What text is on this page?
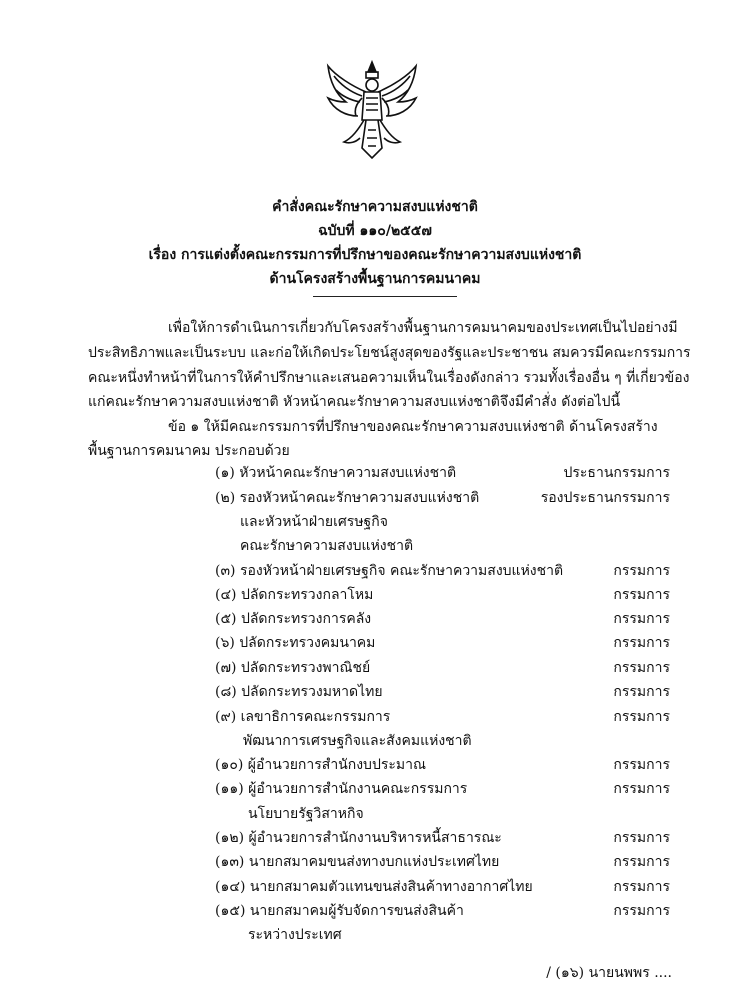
คำสั่งคณะรักษาความสงบแห่งชาติ
ฉบับที่ ๑๑๐/๒๕๕๗
เรื่อง การแต่งตั้งคณะกรรมการที่ปรึกษาของคณะรักษาความสงบแห่งชาติ
ด้านโครงสร้างพื้นฐานการคมนาคม
เพื่อให้การดำเนินการเกี่ยวกับโครงสร้างพื้นฐานการคมนาคมของประเทศเป็นไปอย่างมี
ประสิทธิภาพและเป็นระบบ และก่อให้เกิดประโยชน์สูงสุดของรัฐและประชาชน สมควรมีคณะกรรมการ
คณะหนึ่งทำหน้าที่ในการให้คำปรึกษาและเสนอความเห็นในเรื่องดังกล่าว รวมทั้งเรื่องอื่น ๆ ที่เกี่ยวข้อง
แก่คณะรักษาความสงบแห่งชาติ หัวหน้าคณะรักษาความสงบแห่งชาติจึงมีคำสั่ง ดังต่อไปนี้
ข้อ ๑ ให้มีคณะกรรมการที่ปรึกษาของคณะรักษาความสงบแห่งชาติ ด้านโครงสร้าง
พื้นฐานการคมนาคม ประกอบด้วย
(๑) หัวหน้าคณะรักษาความสงบแห่งชาติ	ประธานกรรมการ
(๒) รองหัวหน้าคณะรักษาความสงบแห่งชาติ	รองประธานกรรมการ
และหัวหน้าฝ่ายเศรษฐกิจ
คณะรักษาความสงบแห่งชาติ
(๓) รองหัวหน้าฝ่ายเศรษฐกิจ คณะรักษาความสงบแห่งชาติ	กรรมการ
(๔) ปลัดกระทรวงกลาโหม	กรรมการ
(๕) ปลัดกระทรวงการคลัง	กรรมการ
(๖) ปลัดกระทรวงคมนาคม	กรรมการ
(๗) ปลัดกระทรวงพาณิชย์	กรรมการ
(๘) ปลัดกระทรวงมหาดไทย	กรรมการ
(๙) เลขาธิการคณะกรรมการ	กรรมการ
พัฒนาการเศรษฐกิจและสังคมแห่งชาติ
(๑๐) ผู้อำนวยการสำนักงบประมาณ	กรรมการ
(๑๑) ผู้อำนวยการสำนักงานคณะกรรมการ	กรรมการ
นโยบายรัฐวิสาหกิจ
(๑๒) ผู้อำนวยการสำนักงานบริหารหนี้สาธารณะ	กรรมการ
(๑๓) นายกสมาคมขนส่งทางบกแห่งประเทศไทย	กรรมการ
(๑๔) นายกสมาคมตัวแทนขนส่งสินค้าทางอากาศไทย	กรรมการ
(๑๕) นายกสมาคมผู้รับจัดการขนส่งสินค้า	กรรมการ
ระหว่างประเทศ
/ (๑๖) นายนพพร ....
